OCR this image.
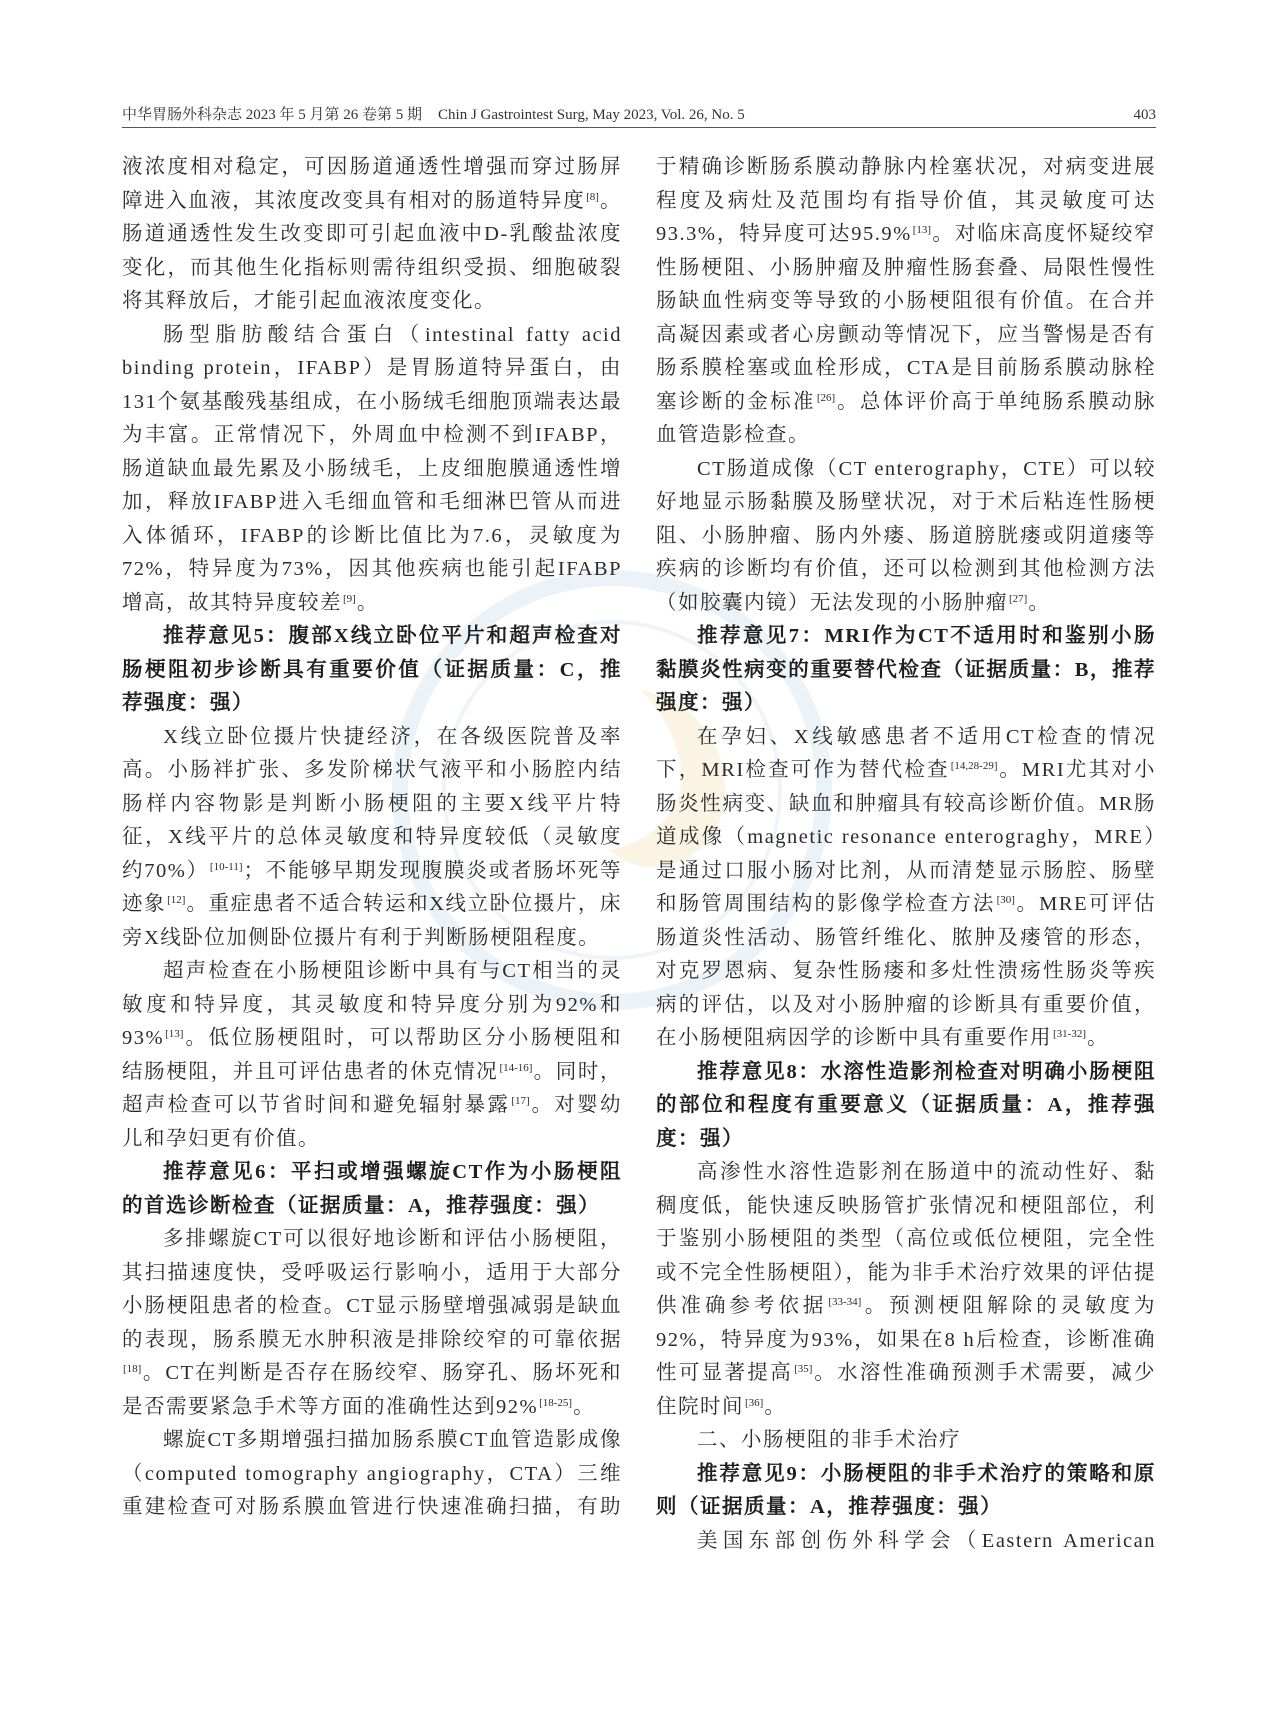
中华胃肠外科杂志 2023 年 5 月第 26 卷第 5 期 Chin J Gastrointest Surg, May 2023, Vol. 26, No. 5	403

液浓度相对稳定，可因肠道通透性增强而穿过肠屏障进入血液，其浓度改变具有相对的肠道特异度[8]。肠道通透性发生改变即可引起血液中D-乳酸盐浓度变化，而其他生化指标则需待组织受损、细胞破裂将其释放后，才能引起血液浓度变化。

肠型脂肪酸结合蛋白（intestinal fatty acid binding protein，IFABP）是胃肠道特异蛋白，由131个氨基酸残基组成，在小肠绒毛细胞顶端表达最为丰富。正常情况下，外周血中检测不到IFABP，肠道缺血最先累及小肠绒毛，上皮细胞膜通透性增加，释放IFABP进入毛细血管和毛细淋巴管从而进入体循环，IFABP的诊断比值比为7.6，灵敏度为72%，特异度为73%，因其他疾病也能引起IFABP增高，故其特异度较差[9]。

推荐意见5：腹部X线立卧位平片和超声检查对肠梗阻初步诊断具有重要价值（证据质量：C，推荐强度：强）

X线立卧位摄片快捷经济，在各级医院普及率高。小肠袢扩张、多发阶梯状气液平和小肠腔内结肠样内容物影是判断小肠梗阻的主要X线平片特征，X线平片的总体灵敏度和特异度较低（灵敏度约70%）[10-11]；不能够早期发现腹膜炎或者肠坏死等迹象[12]。重症患者不适合转运和X线立卧位摄片，床旁X线卧位加侧卧位摄片有利于判断肠梗阻程度。

超声检查在小肠梗阻诊断中具有与CT相当的灵敏度和特异度，其灵敏度和特异度分别为92%和93%[13]。低位肠梗阻时，可以帮助区分小肠梗阻和结肠梗阻，并且可评估患者的休克情况[14-16]。同时，超声检查可以节省时间和避免辐射暴露[17]。对婴幼儿和孕妇更有价值。

推荐意见6：平扫或增强螺旋CT作为小肠梗阻的首选诊断检查（证据质量：A，推荐强度：强）

多排螺旋CT可以很好地诊断和评估小肠梗阻，其扫描速度快，受呼吸运行影响小，适用于大部分小肠梗阻患者的检查。CT显示肠壁增强减弱是缺血的表现，肠系膜无水肿积液是排除绞窄的可靠依据[18]。CT在判断是否存在肠绞窄、肠穿孔、肠坏死和是否需要紧急手术等方面的准确性达到92%[18-25]。

螺旋CT多期增强扫描加肠系膜CT血管造影成像（computed tomography angiography，CTA）三维重建检查可对肠系膜血管进行快速准确扫描，有助

于精确诊断肠系膜动静脉内栓塞状况，对病变进展程度及病灶及范围均有指导价值，其灵敏度可达93.3%，特异度可达95.9%[13]。对临床高度怀疑绞窄性肠梗阻、小肠肿瘤及肿瘤性肠套叠、局限性慢性肠缺血性病变等导致的小肠梗阻很有价值。在合并高凝因素或者心房颤动等情况下，应当警惕是否有肠系膜栓塞或血栓形成，CTA是目前肠系膜动脉栓塞诊断的金标准[26]。总体评价高于单纯肠系膜动脉血管造影检查。

CT肠道成像（CT enterography，CTE）可以较好地显示肠黏膜及肠壁状况，对于术后粘连性肠梗阻、小肠肿瘤、肠内外瘘、肠道膀胱瘘或阴道瘘等疾病的诊断均有价值，还可以检测到其他检测方法（如胶囊内镜）无法发现的小肠肿瘤[27]。

推荐意见7：MRI作为CT不适用时和鉴别小肠黏膜炎性病变的重要替代检查（证据质量：B，推荐强度：强）

在孕妇、X线敏感患者不适用CT检查的情况下，MRI检查可作为替代检查[14,28-29]。MRI尤其对小肠炎性病变、缺血和肿瘤具有较高诊断价值。MR肠道成像（magnetic resonance enterograghy，MRE）是通过口服小肠对比剂，从而清楚显示肠腔、肠壁和肠管周围结构的影像学检查方法[30]。MRE可评估肠道炎性活动、肠管纤维化、脓肿及瘘管的形态，对克罗恩病、复杂性肠瘘和多灶性溃疡性肠炎等疾病的评估，以及对小肠肿瘤的诊断具有重要价值，在小肠梗阻病因学的诊断中具有重要作用[31-32]。

推荐意见8：水溶性造影剂检查对明确小肠梗阻的部位和程度有重要意义（证据质量：A，推荐强度：强）

高渗性水溶性造影剂在肠道中的流动性好、黏稠度低，能快速反映肠管扩张情况和梗阻部位，利于鉴别小肠梗阻的类型（高位或低位梗阻，完全性或不完全性肠梗阻），能为非手术治疗效果的评估提供准确参考依据[33-34]。预测梗阻解除的灵敏度为92%，特异度为93%，如果在8 h后检查，诊断准确性可显著提高[35]。水溶性准确预测手术需要，减少住院时间[36]。

二、小肠梗阻的非手术治疗

推荐意见9：小肠梗阻的非手术治疗的策略和原则（证据质量：A，推荐强度：强）

美国东部创伤外科学会（Eastern American
